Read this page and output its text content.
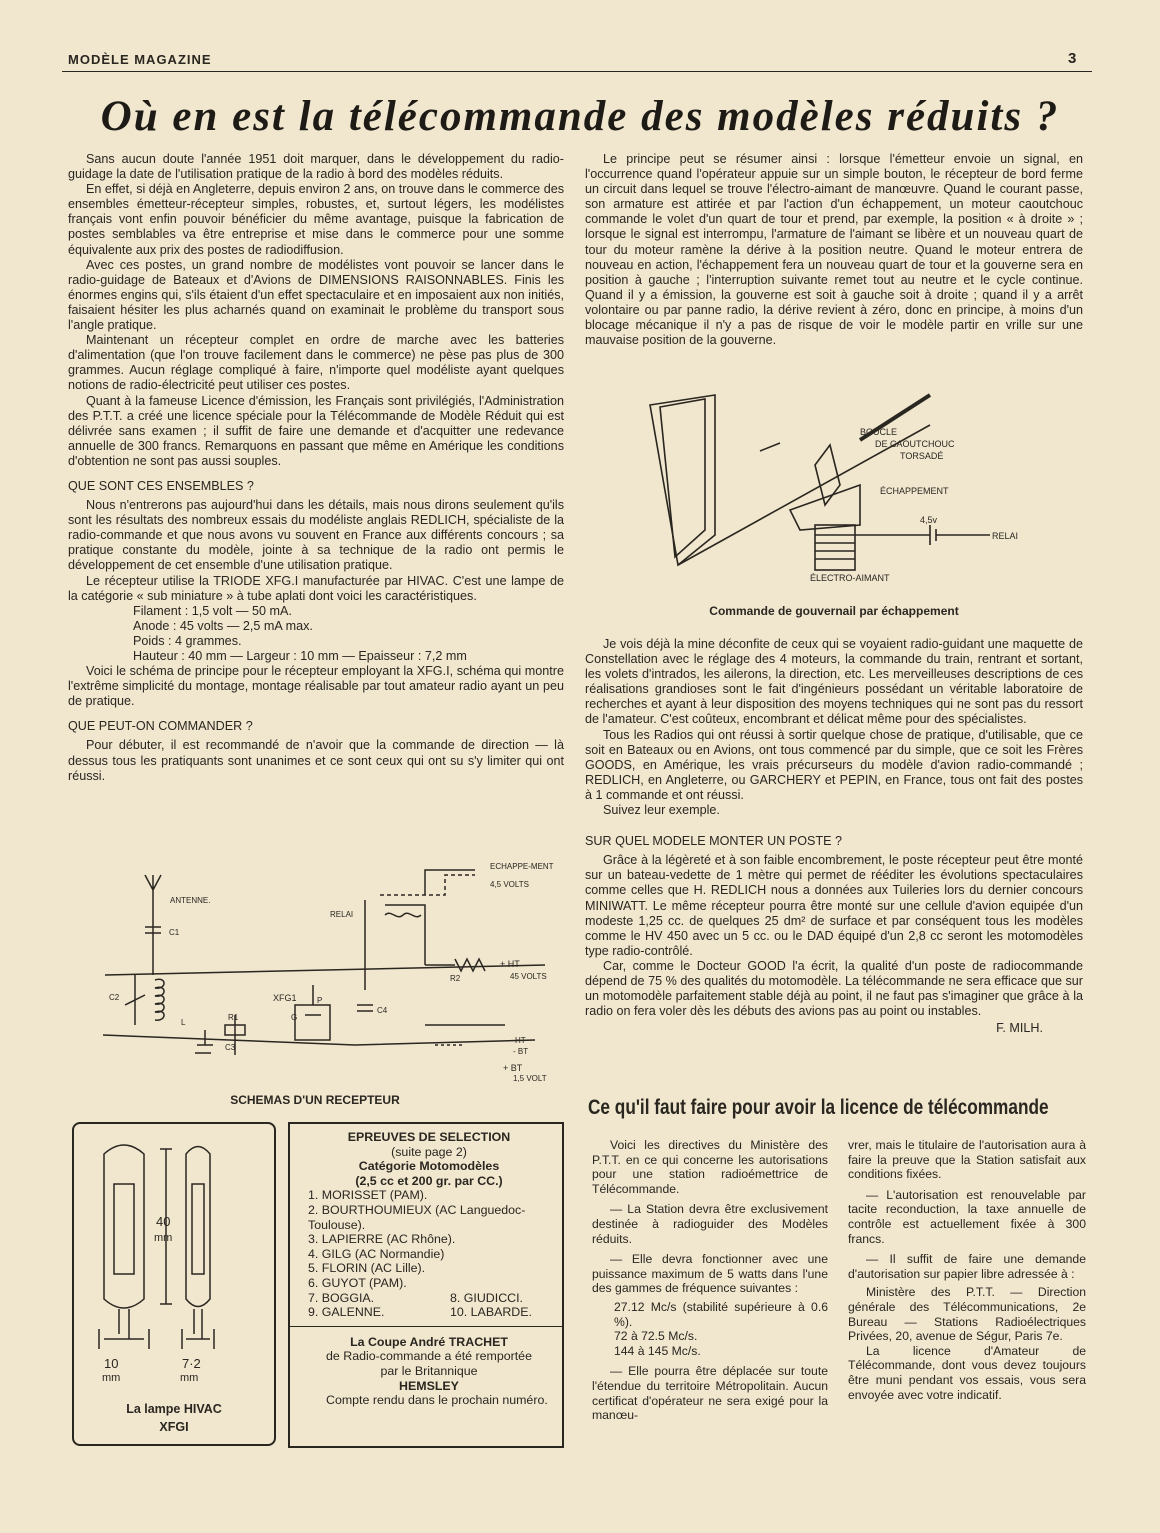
MODÈLE MAGAZINE	3
Où en est la télécommande des modèles réduits ?

Sans aucun doute l'année 1951 doit marquer, dans le développement du radio-guidage la date de l'utilisation pratique de la radio à bord des modèles réduits.

En effet, si déjà en Angleterre, depuis environ 2 ans, on trouve dans le commerce des ensembles émetteur-récepteur simples, robustes, et, surtout légers, les modélistes français vont enfin pouvoir bénéficier du même avantage, puisque la fabrication de postes semblables va être entreprise et mise dans le commerce pour une somme équivalente aux prix des postes de radiodiffusion.

Avec ces postes, un grand nombre de modélistes vont pouvoir se lancer dans le radio-guidage de Bateaux et d'Avions de DIMENSIONS RAISONNABLES. Finis les énormes engins qui, s'ils étaient d'un effet spectaculaire et en imposaient aux non initiés, faisaient hésiter les plus acharnés quand on examinait le problème du transport sous l'angle pratique.

Maintenant un récepteur complet en ordre de marche avec les batteries d'alimentation (que l'on trouve facilement dans le commerce) ne pèse pas plus de 300 grammes. Aucun réglage compliqué à faire, n'importe quel modéliste ayant quelques notions de radio-électricité peut utiliser ces postes.

Quant à la fameuse Licence d'émission, les Français sont privilégiés, l'Administration des P.T.T. a créé une licence spéciale pour la Télécommande de Modèle Réduit qui est délivrée sans examen ; il suffit de faire une demande et d'acquitter une redevance annuelle de 300 francs. Remarquons en passant que même en Amérique les conditions d'obtention ne sont pas aussi souples.

QUE SONT CES ENSEMBLES ?

Nous n'entrerons pas aujourd'hui dans les détails, mais nous dirons seulement qu'ils sont les résultats des nombreux essais du modéliste anglais REDLICH, spécialiste de la radio-commande et que nous avons vu souvent en France aux différents concours ; sa pratique constante du modèle, jointe à sa technique de la radio ont permis le développement de cet ensemble d'une utilisation pratique.

Le récepteur utilise la TRIODE XFG.I manufacturée par HIVAC. C'est une lampe de la catégorie « sub miniature » à tube aplati dont voici les caractéristiques.

Filament : 1,5 volt — 50 mA.
Anode : 45 volts — 2,5 mA max.
Poids : 4 grammes.
Hauteur : 40 mm — Largeur : 10 mm — Epaisseur : 7,2 mm

Voici le schéma de principe pour le récepteur employant la XFG.I, schéma qui montre l'extrême simplicité du montage, montage réalisable par tout amateur radio ayant un peu de pratique.

QUE PEUT-ON COMMANDER ?

Pour débuter, il est recommandé de n'avoir que la commande de direction — là dessus tous les pratiquants sont unanimes et ce sont ceux qui ont su s'y limiter qui ont réussi.

Le principe peut se résumer ainsi : lorsque l'émetteur envoie un signal, en l'occurrence quand l'opérateur appuie sur un simple bouton, le récepteur de bord ferme un circuit dans lequel se trouve l'électro-aimant de manœuvre. Quand le courant passe, son armature est attirée et par l'action d'un échappement, un moteur caoutchouc commande le volet d'un quart de tour et prend, par exemple, la position « à droite » ; lorsque le signal est interrompu, l'armature de l'aimant se libère et un nouveau quart de tour du moteur ramène la dérive à la position neutre. Quand le moteur entrera de nouveau en action, l'échappement fera un nouveau quart de tour et la gouverne sera en position à gauche ; l'interruption suivante remet tout au neutre et le cycle continue. Quand il y a émission, la gouverne est soit à gauche soit à droite ; quand il y a arrêt volontaire ou par panne radio, la dérive revient à zéro, donc en principe, à moins d'un blocage mécanique il n'y a pas de risque de voir le modèle partir en vrille sur une mauvaise position de la gouverne.

BOUCLE
DE CAOUTCHOUC
TORSADÉ
ÉCHAPPEMENT
4,5v
RELAI
ÉLECTRO-AIMANT
Commande de gouvernail par échappement

Je vois déjà la mine déconfite de ceux qui se voyaient radio-guidant une maquette de Constellation avec le réglage des 4 moteurs, la commande du train, rentrant et sortant, les volets d'intrados, les ailerons, la direction, etc. Les merveilleuses descriptions de ces réalisations grandioses sont le fait d'ingénieurs possédant un véritable laboratoire de recherches et ayant à leur disposition des moyens techniques qui ne sont pas du ressort de l'amateur. C'est coûteux, encombrant et délicat même pour des spécialistes.

Tous les Radios qui ont réussi à sortir quelque chose de pratique, d'utilisable, que ce soit en Bateaux ou en Avions, ont tous commencé par du simple, que ce soit les Frères GOODS, en Amérique, les vrais précurseurs du modèle d'avion radio-commandé ; REDLICH, en Angleterre, ou GARCHERY et PEPIN, en France, tous ont fait des postes à 1 commande et ont réussi.

Suivez leur exemple.

SUR QUEL MODELE MONTER UN POSTE ?

Grâce à la légèreté et à son faible encombrement, le poste récepteur peut être monté sur un bateau-vedette de 1 mètre qui permet de rééditer les évolutions spectaculaires comme celles que H. REDLICH nous a données aux Tuileries lors du dernier concours MINIWATT. Le même récepteur pourra être monté sur une cellule d'avion equipée d'un modeste 1,25 cc. de quelques 25 dm² de surface et par conséquent tous les modèles comme le HV 450 avec un 5 cc. ou le DAD équipé d'un 2,8 cc seront les motomodèles type radio-contrôlé.

Car, comme le Docteur GOOD l'a écrit, la qualité d'un poste de radiocommande dépend de 75 % des qualités du motomodèle. La télécommande ne sera efficace que sur un motomodèle parfaitement stable déjà au point, il ne faut pas s'imaginer que grâce à la radio on fera voler dès les débuts des avions pas au point ou instables.

F. MILH.
ANTENNE.
RELAI
ECHAPPE-MENT
4,5 VOLTS
+ HT
45 VOLTS
XFG1
HT
- BT
+ BT
1,5 VOLT
C1
C2
C3
C4
R1
R2
L
G
P
SCHEMAS D'UN RECEPTEUR
40
mm
10
mm
7·2
mm
La lampe HIVAC
XFGI
EPREUVES DE SELECTION
(suite page 2)
Catégorie Motomodèles
(2,5 cc et 200 gr. par CC.)
1. MORISSET (PAM).
2. BOURTHOUMIEUX (AC Languedoc-Toulouse).
3. LAPIERRE (AC Rhône).
4. GILG (AC Normandie)
5. FLORIN (AC Lille).
6. GUYOT (PAM).
7. BOGGIA.	8. GIUDICCI.
9. GALENNE.	10. LABARDE.
La Coupe André TRACHET
de Radio-commande a été remportée
par le Britannique
HEMSLEY
Compte rendu dans le prochain numéro.
Ce qu'il faut faire pour avoir la licence de télécommande

Voici les directives du Ministère des P.T.T. en ce qui concerne les autorisations pour une station radioémettrice de Télécommande.

— La Station devra être exclusivement destinée à radioguider des Modèles réduits.

— Elle devra fonctionner avec une puissance maximum de 5 watts dans l'une des gammes de fréquence suivantes :

27.12 Mc/s (stabilité supérieure à 0.6 %).
72 à 72.5 Mc/s.
144 à 145 Mc/s.

— Elle pourra être déplacée sur toute l'étendue du territoire Métropolitain. Aucun certificat d'opérateur ne sera exigé pour la manœu-

vrer, mais le titulaire de l'autorisation aura à faire la preuve que la Station satisfait aux conditions fixées.

— L'autorisation est renouvelable par tacite reconduction, la taxe annuelle de contrôle est actuellement fixée à 300 francs.

— Il suffit de faire une demande d'autorisation sur papier libre adressée à :

Ministère des P.T.T. — Direction générale des Télécommunications, 2e Bureau — Stations Radioélectriques Privées, 20, avenue de Ségur, Paris 7e.

La licence d'Amateur de Télécommande, dont vous devez toujours être muni pendant vos essais, vous sera envoyée avec votre indicatif.
